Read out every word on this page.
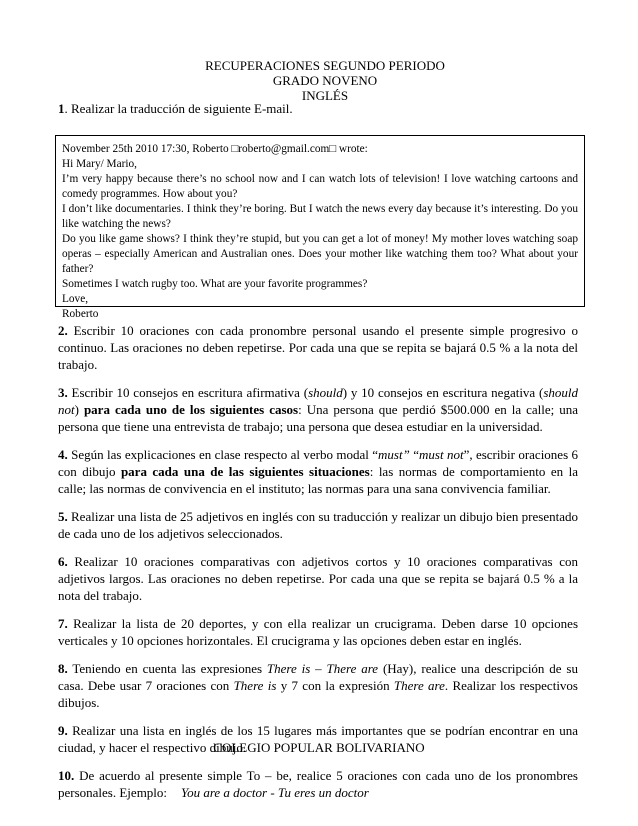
RECUPERACIONES SEGUNDO PERIODO
GRADO NOVENO
INGLÉS
1. Realizar la traducción de siguiente E-mail.
November 25th 2010 17:30, Roberto □roberto@gmail.com□ wrote:
Hi Mary/ Mario,
I’m very happy because there’s no school now and I can watch lots of television! I love watching cartoons and comedy programmes. How about you?
I don’t like documentaries. I think they’re boring. But I watch the news every day because it’s interesting. Do you like watching the news?
Do you like game shows? I think they’re stupid, but you can get a lot of money! My mother loves watching soap operas – especially American and Australian ones. Does your mother like watching them too? What about your father?
Sometimes I watch rugby too. What are your favorite programmes?
Love,
Roberto

2. Escribir 10 oraciones con cada pronombre personal usando el presente simple progresivo o continuo. Las oraciones no deben repetirse. Por cada una que se repita se bajará 0.5 % a la nota del trabajo.

3. Escribir 10 consejos en escritura afirmativa (should) y 10 consejos en escritura negativa (should not) para cada uno de los siguientes casos: Una persona que perdió $500.000 en la calle; una persona que tiene una entrevista de trabajo; una persona que desea estudiar en la universidad.

4. Según las explicaciones en clase respecto al verbo modal “must” “must not”, escribir oraciones 6 con dibujo para cada una de las siguientes situaciones: las normas de comportamiento en la calle; las normas de convivencia en el instituto; las normas para una sana convivencia familiar.

5. Realizar una lista de 25 adjetivos en inglés con su traducción y realizar un dibujo bien presentado de cada uno de los adjetivos seleccionados.

6. Realizar 10 oraciones comparativas con adjetivos cortos y 10 oraciones comparativas con adjetivos largos. Las oraciones no deben repetirse. Por cada una que se repita se bajará 0.5 % a la nota del trabajo.

7. Realizar la lista de 20 deportes, y con ella realizar un crucigrama. Deben darse 10 opciones verticales y 10 opciones horizontales. El crucigrama y las opciones deben estar en inglés.

8. Teniendo en cuenta las expresiones There is – There are (Hay), realice una descripción de su casa. Debe usar 7 oraciones con There is y 7 con la expresión There are. Realizar los respectivos dibujos.

9. Realizar una lista en inglés de los 15 lugares más importantes que se podrían encontrar en una ciudad, y hacer el respectivo dibujo.

10. De acuerdo al presente simple To – be, realice 5 oraciones con cada uno de los pronombres personales. Ejemplo: You are a doctor - Tu eres un doctor

COLEGIO POPULAR BOLIVARIANO
